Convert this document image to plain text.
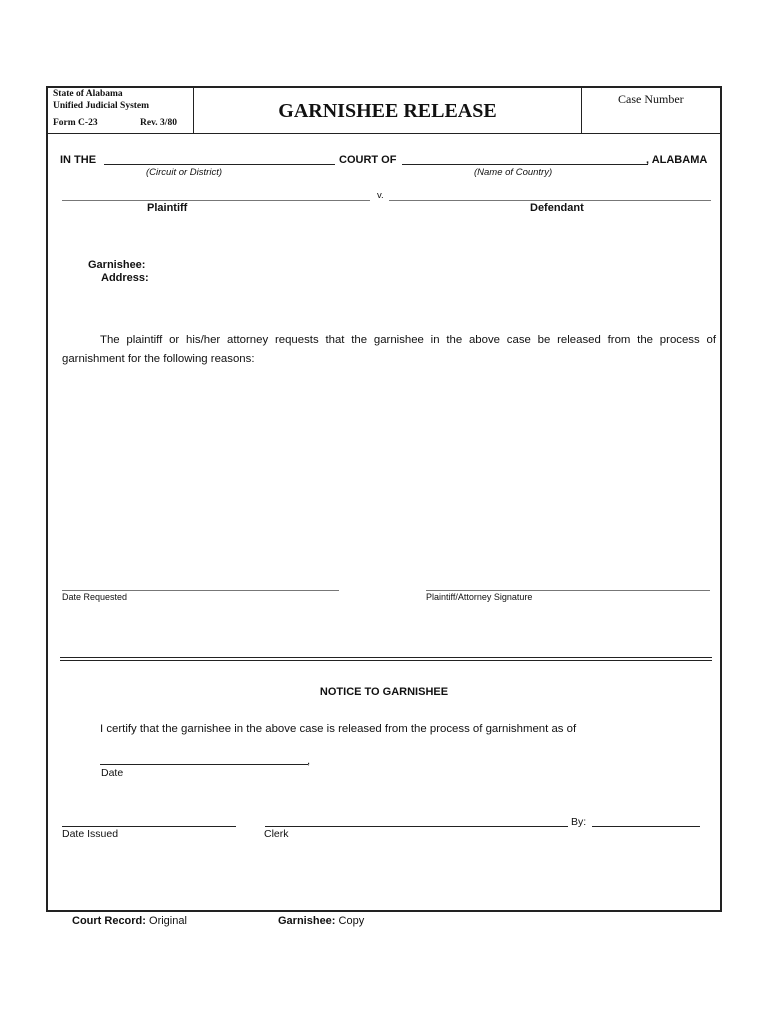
State of Alabama
Unified Judicial System
Form C-23	Rev. 3/80
GARNISHEE RELEASE
Case Number
IN THE	COURT OF	, ALABAMA
(Circuit or District)	(Name of Country)
v.
Plaintiff	Defendant
Garnishee:
Address:
The plaintiff or his/her attorney requests that the garnishee in the above case be released from the process of
garnishment for the following reasons:
Date Requested	Plaintiff/Attorney Signature
NOTICE TO GARNISHEE
I certify that the garnishee in the above case is released from the process of garnishment as of
,
Date
Date Issued	Clerk
By:
Court Record: Original	Garnishee: Copy
